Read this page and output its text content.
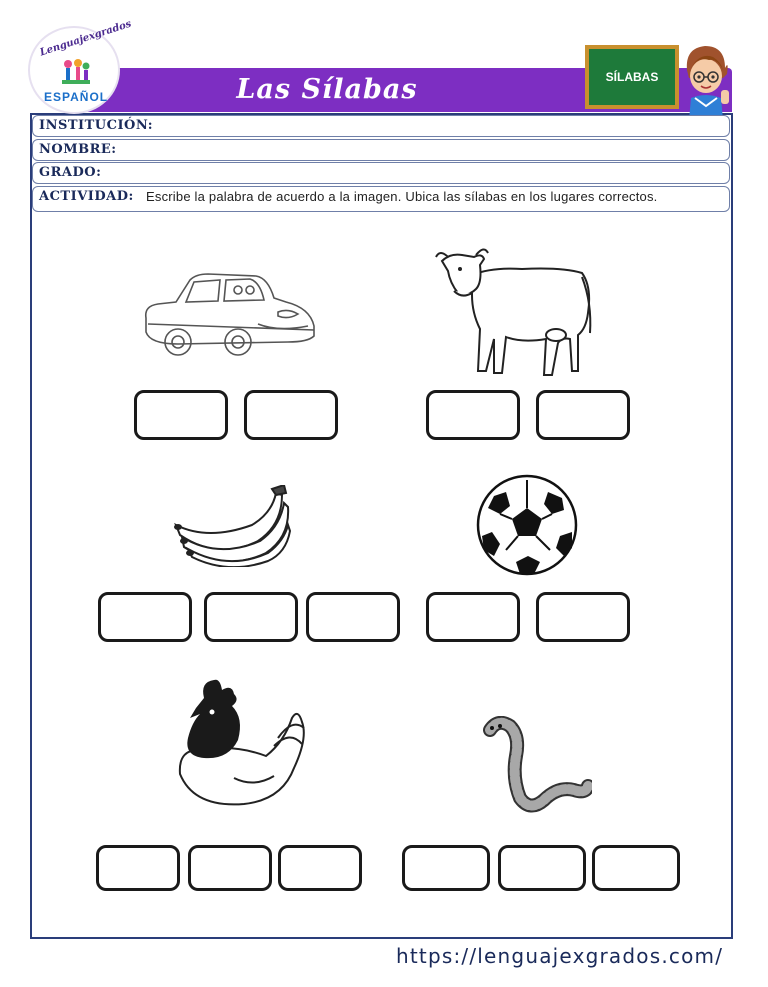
Las Sílabas
Lenguajexgrados
ESPAÑOL
SÍLABAS
INSTITUCIÓN:
NOMBRE:
GRADO:
ACTIVIDAD: Escribe la palabra de acuerdo a la imagen. Ubica las sílabas en los lugares correctos.
https://lenguajexgrados.com/
